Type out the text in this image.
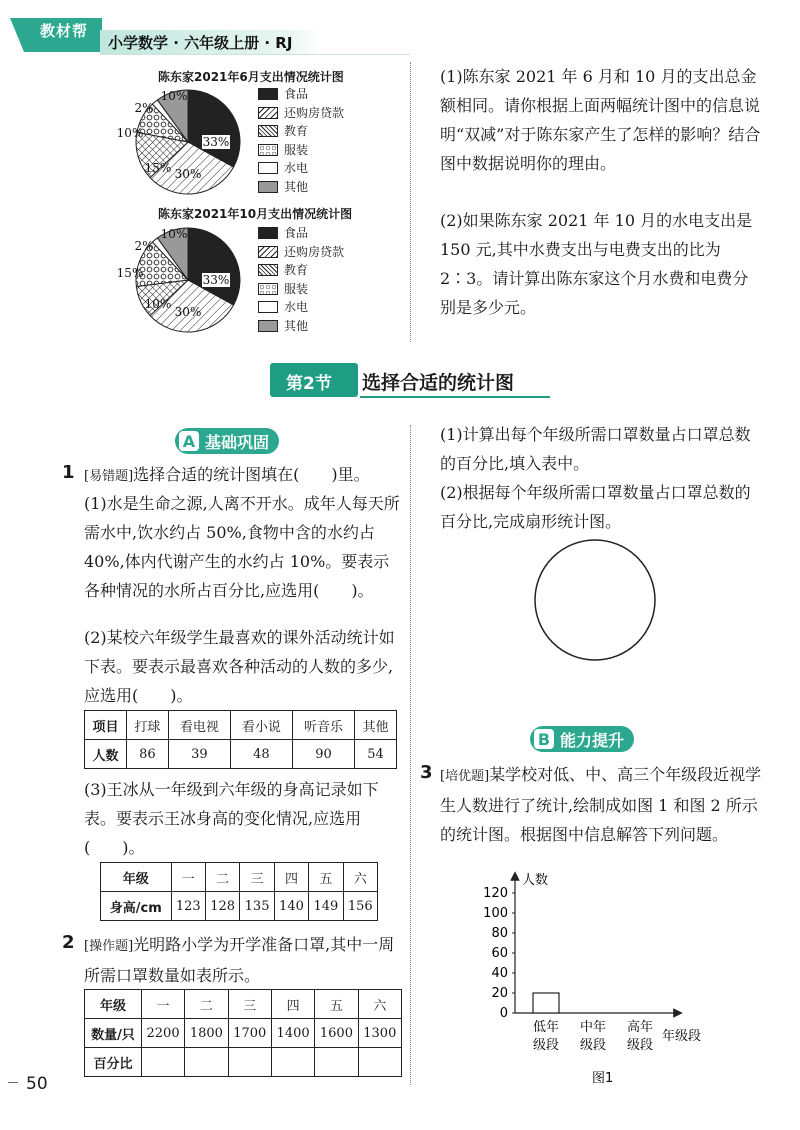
教材帮
小学数学 · 六年级上册 · RJ
陈东家2021年6月支出情况统计图
33%
30%
15%
10%
2%
10%	食品
还购房贷款
教育
服装
水电
其他
陈东家2021年10月支出情况统计图
33%
30%
10%
15%
2%
10%	食品
还购房贷款
教育
服装
水电
其他
(1)陈东家 2021 年 6 月和 10 月的支出总金额相同。请你根据上面两幅统计图中的信息说明“双减”对于陈东家产生了怎样的影响？结合图中数据说明你的理由。
(2)如果陈东家 2021 年 10 月的水电支出是 150 元,其中水费支出与电费支出的比为 2∶3。请计算出陈东家这个月水费和电费分别是多少元。
第2节 选择合适的统计图
A 基础巩固
1 [易错题]选择合适的统计图填在(　　)里。
(1)水是生命之源,人离不开水。成年人每天所需水中,饮水约占 50%,食物中含的水约占 40%,体内代谢产生的水约占 10%。要表示各种情况的水所占百分比,应选用(　　)。
(2)某校六年级学生最喜欢的课外活动统计如下表。要表示最喜欢各种活动的人数的多少,应选用(　　)。
项目	打球	看电视	看小说	听音乐	其他
人数	86	39	48	90	54
(3)王冰从一年级到六年级的身高记录如下表。要表示王冰身高的变化情况,应选用(　　)。
年级	一	二	三	四	五	六
身高/cm	123	128	135	140	149	156
2 [操作题]光明路小学为开学准备口罩,其中一周所需口罩数量如表所示。
年级	一	二	三	四	五	六
数量/只	2200	1800	1700	1400	1600	1300
百分比						
(1)计算出每个年级所需口罩数量占口罩总数的百分比,填入表中。
(2)根据每个年级所需口罩数量占口罩总数的百分比,完成扇形统计图。
B 能力提升
3 [培优题]某学校对低、中、高三个年级段近视学生人数进行了统计,绘制成如图 1 和图 2 所示的统计图。根据图中信息解答下列问题。
人数
0
20
40
60
80
100
120
低年
级段
中年
级段
高年
级段
年级段
图1
50
